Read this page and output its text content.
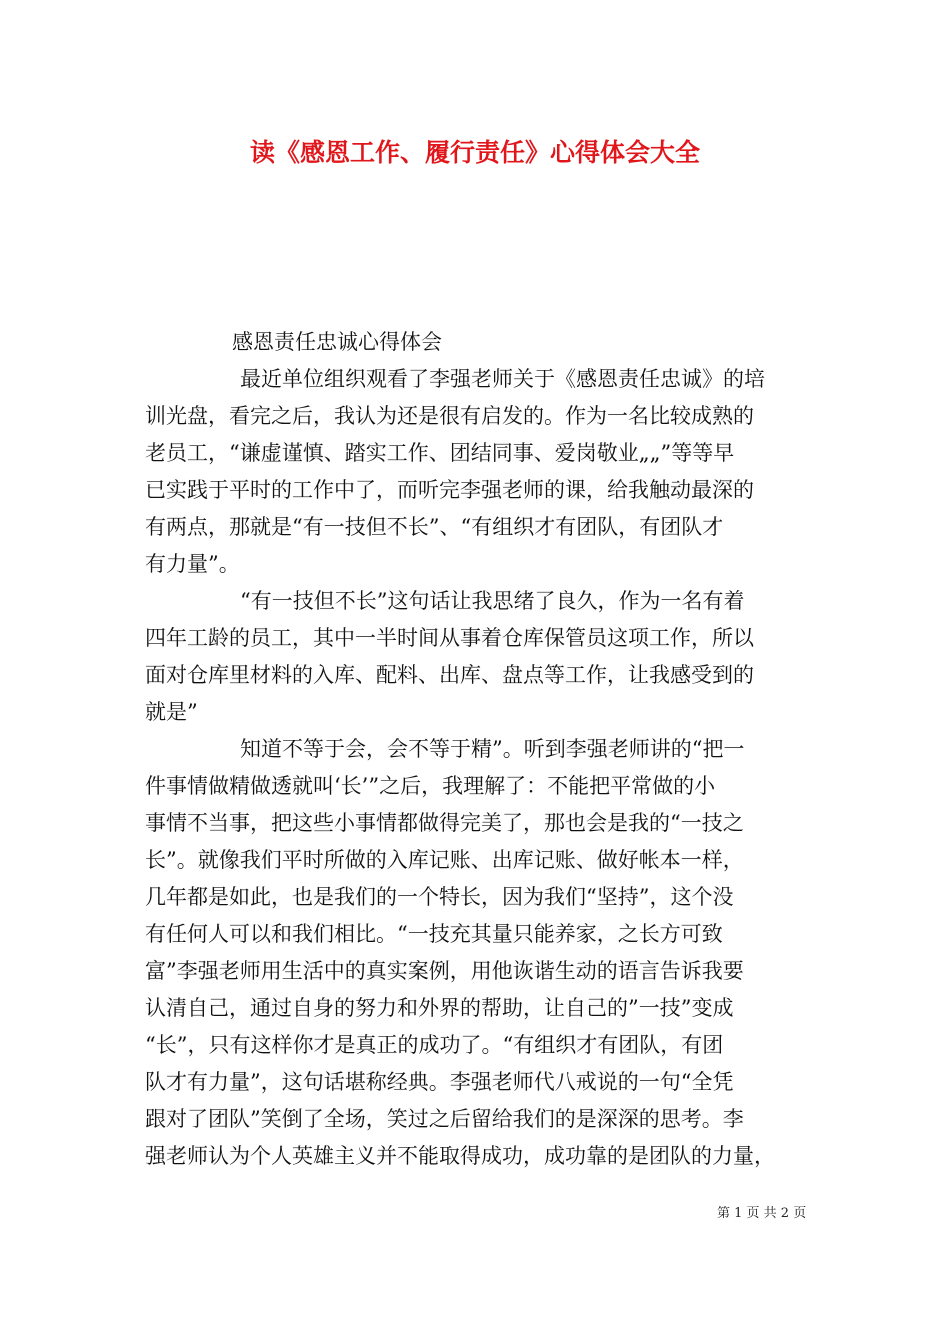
读《感恩工作、履行责任》心得体会大全
感恩责任忠诚心得体会
最近单位组织观看了李强老师关于《感恩责任忠诚》的培
训光盘，看完之后，我认为还是很有启发的。作为一名比较成熟的
老员工，“谦虚谨慎、踏实工作、团结同事、爱岗敬业„„”等等早
已实践于平时的工作中了，而听完李强老师的课，给我触动最深的
有两点，那就是“有一技但不长”、“有组织才有团队，有团队才
有力量”。
“有一技但不长”这句话让我思绪了良久，作为一名有着
四年工龄的员工，其中一半时间从事着仓库保管员这项工作，所以
面对仓库里材料的入库、配料、出库、盘点等工作，让我感受到的
就是”
知道不等于会，会不等于精”。听到李强老师讲的“把一
件事情做精做透就叫‘长’”之后，我理解了：不能把平常做的小
事情不当事，把这些小事情都做得完美了，那也会是我的“一技之
长”。就像我们平时所做的入库记账、出库记账、做好帐本一样，
几年都是如此，也是我们的一个特长，因为我们“坚持”，这个没
有任何人可以和我们相比。“一技充其量只能养家，之长方可致
富”李强老师用生活中的真实案例，用他诙谐生动的语言告诉我要
认清自己，通过自身的努力和外界的帮助，让自己的”一技”变成
“长”，只有这样你才是真正的成功了。“有组织才有团队，有团
队才有力量”，这句话堪称经典。李强老师代八戒说的一句“全凭
跟对了团队”笑倒了全场，笑过之后留给我们的是深深的思考。李
强老师认为个人英雄主义并不能取得成功，成功靠的是团队的力量，
第 1 页 共 2 页
